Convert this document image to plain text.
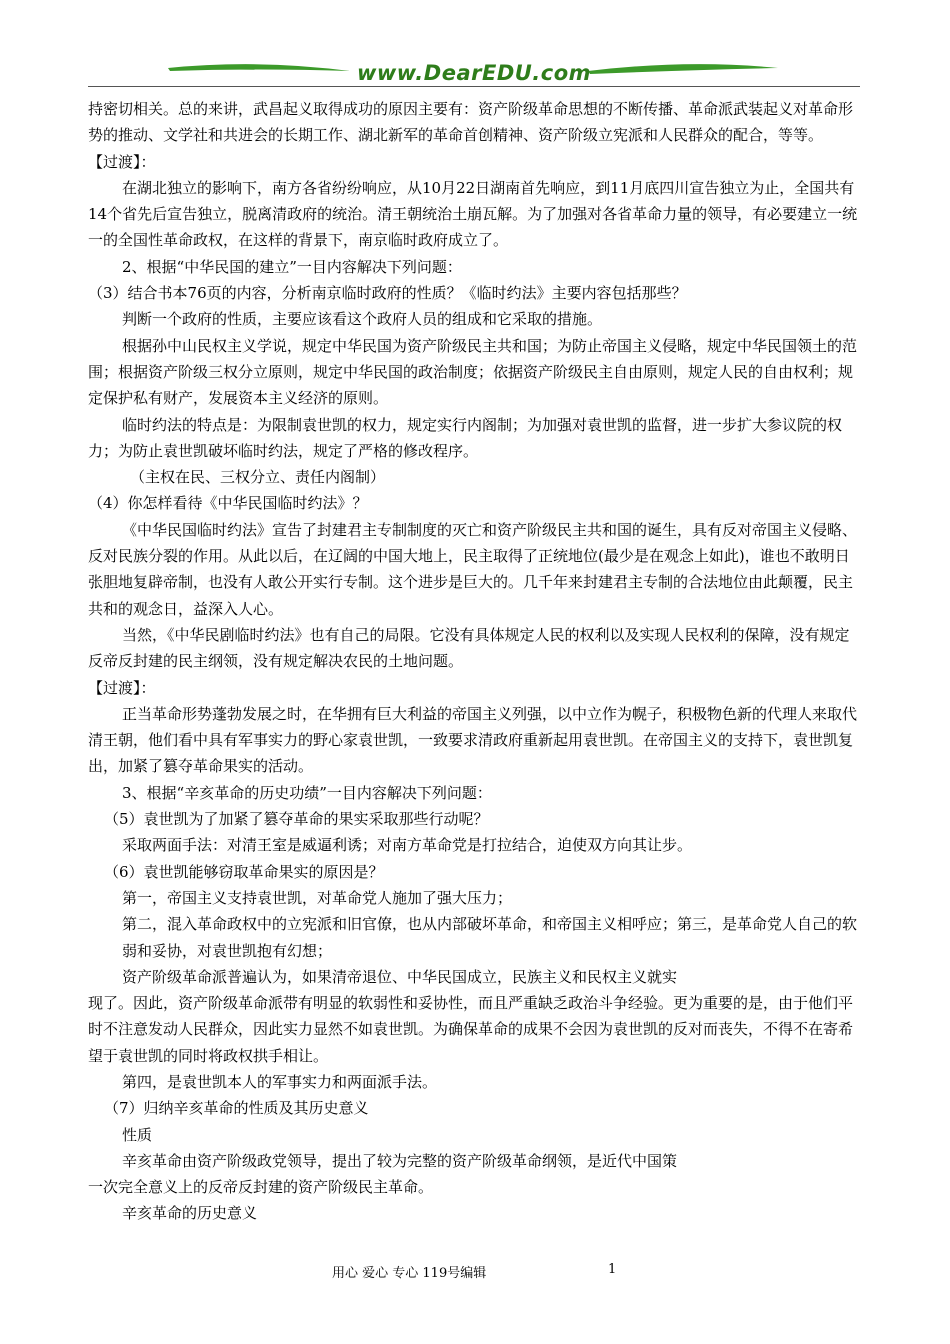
www.DearEDU.com

持密切相关。总的来讲，武昌起义取得成功的原因主要有：资产阶级革命思想的不断传播、革命派武装起义对革命形势的推动、文学社和共进会的长期工作、湖北新军的革命首创精神、资产阶级立宪派和人民群众的配合，等等。

【过渡】：

在湖北独立的影响下，南方各省纷纷响应，从10月22日湖南首先响应，到11月底四川宣告独立为止，全国共有14个省先后宣告独立，脱离清政府的统治。清王朝统治土崩瓦解。为了加强对各省革命力量的领导，有必要建立一统一的全国性革命政权，在这样的背景下，南京临时政府成立了。

2、根据“中华民国的建立”一目内容解决下列问题：

（3）结合书本76页的内容，分析南京临时政府的性质？《临时约法》主要内容包括那些？

判断一个政府的性质，主要应该看这个政府人员的组成和它采取的措施。

根据孙中山民权主义学说，规定中华民国为资产阶级民主共和国；为防止帝国主义侵略，规定中华民国领土的范围；根据资产阶级三权分立原则，规定中华民国的政治制度；依据资产阶级民主自由原则，规定人民的自由权利；规定保护私有财产，发展资本主义经济的原则。

临时约法的特点是：为限制袁世凯的权力，规定实行内阁制；为加强对袁世凯的监督，进一步扩大参议院的权力；为防止袁世凯破坏临时约法，规定了严格的修改程序。

（主权在民、三权分立、责任内阁制）

（4）你怎样看待《中华民国临时约法》？

《中华民国临时约法》宣告了封建君主专制制度的灭亡和资产阶级民主共和国的诞生，具有反对帝国主义侵略、反对民族分裂的作用。从此以后，在辽阔的中国大地上，民主取得了正统地位(最少是在观念上如此)，谁也不敢明日张胆地复辟帝制，也没有人敢公开实行专制。这个进步是巨大的。几千年来封建君主专制的合法地位由此颠覆，民主共和的观念日，益深入人心。

当然，《中华民剧临时约法》也有自己的局限。它没有具体规定人民的权利以及实现人民权利的保障，没有规定反帝反封建的民主纲领，没有规定解决农民的土地问题。

【过渡】：

正当革命形势蓬勃发展之时，在华拥有巨大利益的帝国主义列强，以中立作为幌子，积极物色新的代理人来取代清王朝，他们看中具有军事实力的野心家袁世凯，一致要求清政府重新起用袁世凯。在帝国主义的支持下，袁世凯复出，加紧了篡夺革命果实的活动。

3、根据“辛亥革命的历史功绩”一目内容解决下列问题：

（5）袁世凯为了加紧了篡夺革命的果实采取那些行动呢？

采取两面手法：对清王室是威逼利诱；对南方革命党是打拉结合，迫使双方向其让步。

（6）袁世凯能够窃取革命果实的原因是？

第一，帝国主义支持袁世凯，对革命党人施加了强大压力；

第二，混入革命政权中的立宪派和旧官僚，也从内部破坏革命，和帝国主义相呼应；第三，是革命党人自己的软弱和妥协，对袁世凯抱有幻想；

资产阶级革命派普遍认为，如果清帝退位、中华民国成立，民族主义和民权主义就实

现了。因此，资产阶级革命派带有明显的软弱性和妥协性，而且严重缺乏政治斗争经验。更为重要的是，由于他们平时不注意发动人民群众，因此实力显然不如袁世凯。为确保革命的成果不会因为袁世凯的反对而丧失，不得不在寄希望于袁世凯的同时将政权拱手相让。

第四，是袁世凯本人的军事实力和两面派手法。

（7）归纳辛亥革命的性质及其历史意义

性质

辛亥革命由资产阶级政党领导，提出了较为完整的资产阶级革命纲领，是近代中国策

一次完全意义上的反帝反封建的资产阶级民主革命。

辛亥革命的历史意义

用心 爱心 专心 119号编辑	1
